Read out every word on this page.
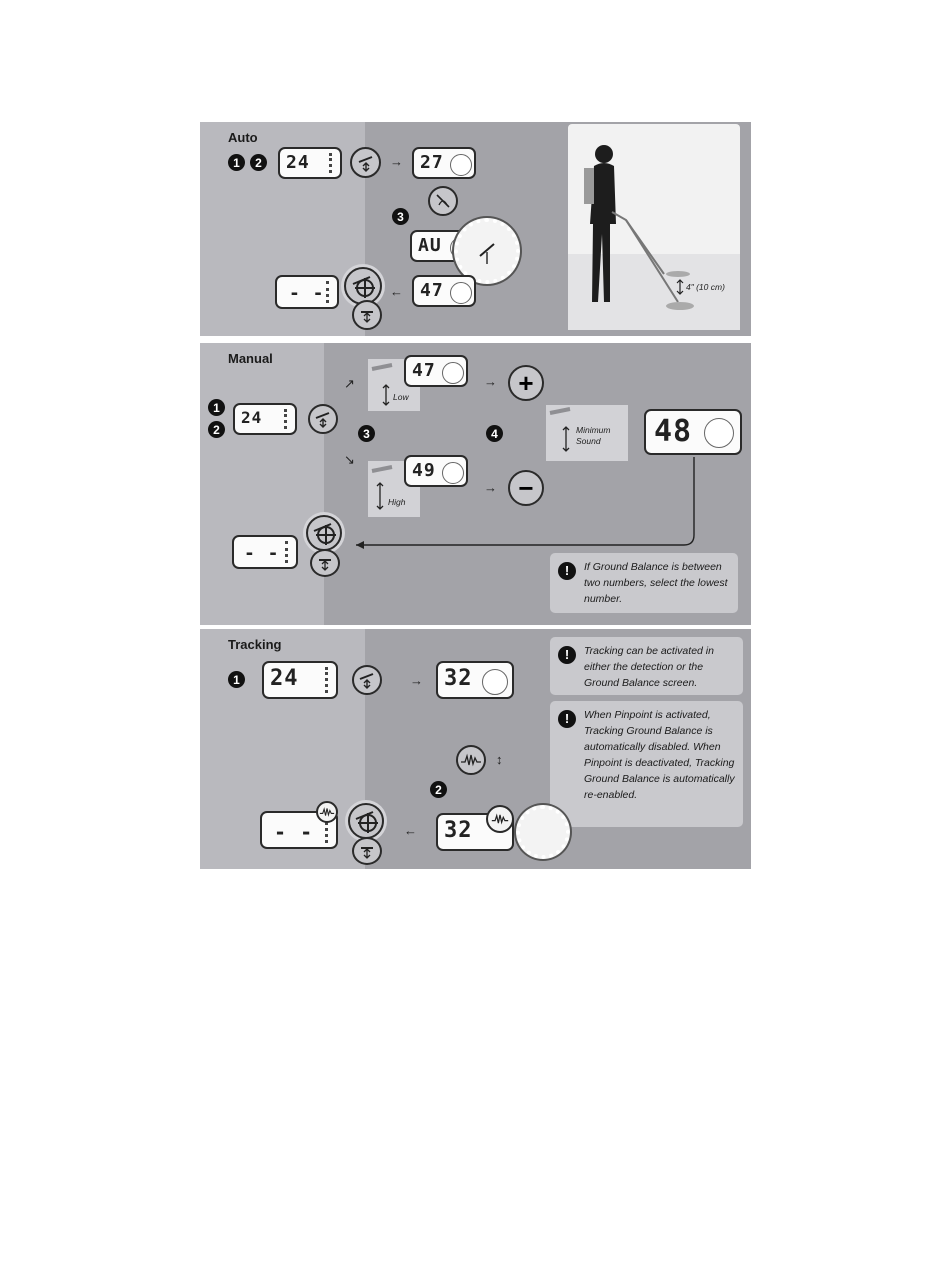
Auto
1	2 24	→ 27
3
AU
- -	← 47	4" (10 cm)
Manual
1
2
24
↗
↘
3
Low
47
→ +
High
49
→ −
4	Minimum
Sound	48
- -
!	If Ground Balance is between two numbers, select the lowest number.
Tracking
1 24	→ 32
!	Tracking can be activated in either the detection or the Ground Balance screen.
!	When Pinpoint is activated, Tracking Ground Balance is automatically disabled. When Pinpoint is deactivated, Tracking Ground Balance is automatically re-enabled.
↕
2
- -	← 32
